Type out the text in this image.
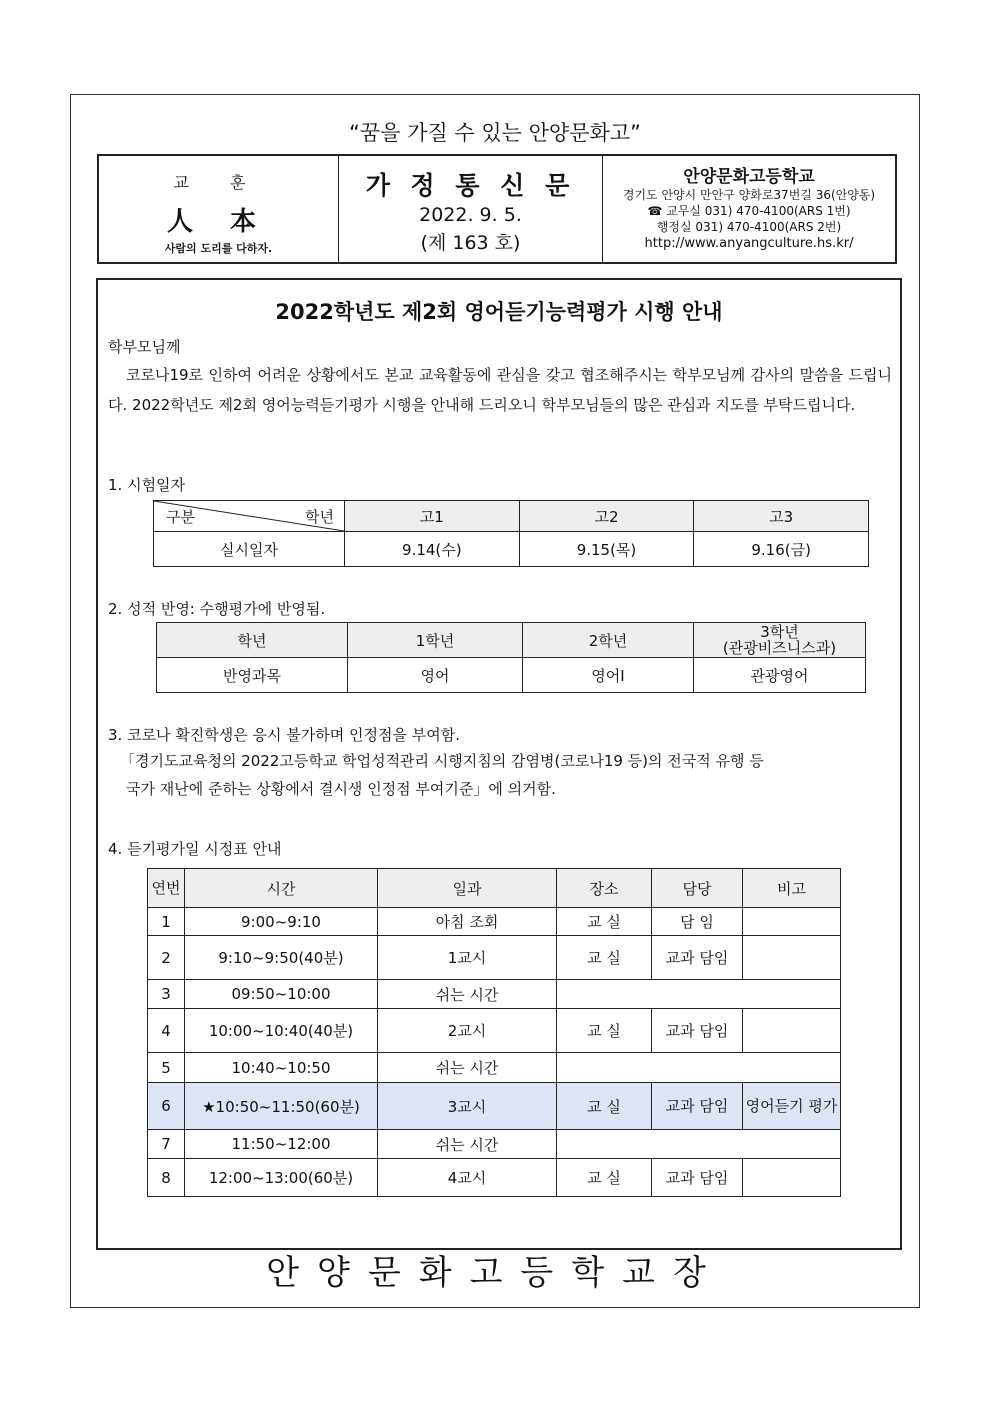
“꿈을 가질 수 있는 안양문화고”
교 훈
人 本
사람의 도리를 다하자.
가 정 통 신 문
2022. 9. 5.
(제 163 호)
안양문화고등학교
경기도 안양시 만안구 양화로37번길 36(안양동)
☎ 교무실 031) 470-4100(ARS 1번)
행정실 031) 470-4100(ARS 2번)
http://www.anyangculture.hs.kr/
2022학년도 제2회 영어듣기능력평가 시행 안내
학부모님께
코로나19로 인하여 어려운 상황에서도 본교 교육활동에 관심을 갖고 협조해주시는 학부모님께 감사의 말씀을 드립니다. 2022학년도 제2회 영어능력듣기평가 시행을 안내해 드리오니 학부모님들의 많은 관심과 지도를 부탁드립니다.
1. 시험일자
구분 학년	고1	고2	고3
실시일자	9.14(수)	9.15(목)	9.16(금)
2. 성적 반영: 수행평가에 반영됨.
학년	1학년	2학년	3학년
(관광비즈니스과)

반영과목	영어	영어Ⅰ	관광영어
3. 코로나 확진학생은 응시 불가하며 인정점을 부여함.
「경기도교육청의 2022고등학교 학업성적관리 시행지침의 감염병(코로나19 등)의 전국적 유행 등
국가 재난에 준하는 상황에서 결시생 인정점 부여기준」에 의거함.
4. 듣기평가일 시정표 안내
연번	시간	일과	장소	담당	비고
1	9:00~9:10	아침 조회	교 실	담 임	
2	9:10~9:50(40분)	1교시	교 실	교과 담임	
3	09:50~10:00	쉬는 시간			
4	10:00~10:40(40분)	2교시	교 실	교과 담임	
5	10:40~10:50	쉬는 시간			
6	★10:50~11:50(60분)	3교시	교 실	교과 담임	영어듣기 평가
7	11:50~12:00	쉬는 시간			
8	12:00~13:00(60분)	4교시	교 실	교과 담임	
안양문화고등학교장
